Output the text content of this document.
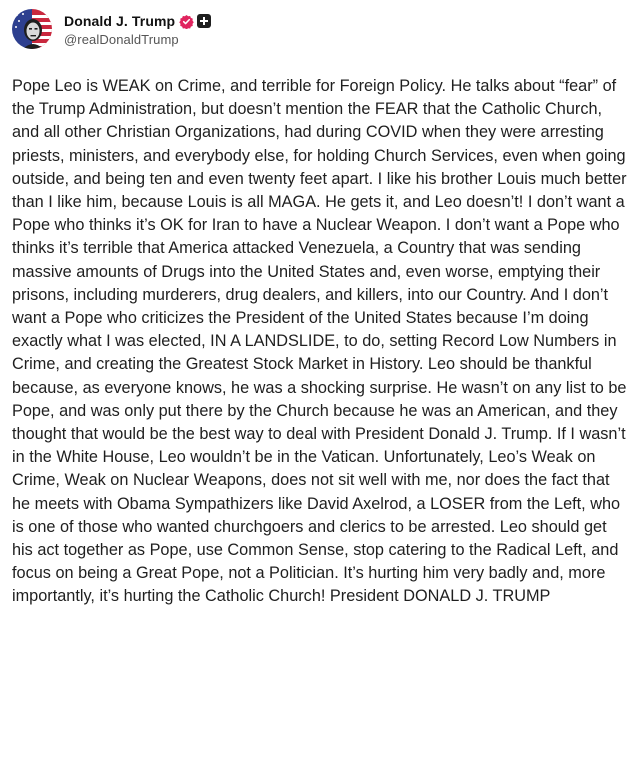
Donald J. Trump
@realDonaldTrump

Pope Leo is WEAK on Crime, and terrible for Foreign Policy. He talks about “fear” of the Trump Administration, but doesn’t mention the FEAR that the Catholic Church, and all other Christian Organizations, had during COVID when they were arresting priests, ministers, and everybody else, for holding Church Services, even when going outside, and being ten and even twenty feet apart. I like his brother Louis much better than I like him, because Louis is all MAGA. He gets it, and Leo doesn’t! I don’t want a Pope who thinks it’s OK for Iran to have a Nuclear Weapon. I don’t want a Pope who thinks it’s terrible that America attacked Venezuela, a Country that was sending massive amounts of Drugs into the United States and, even worse, emptying their prisons, including murderers, drug dealers, and killers, into our Country. And I don’t want a Pope who criticizes the President of the United States because I’m doing exactly what I was elected, IN A LANDSLIDE, to do, setting Record Low Numbers in Crime, and creating the Greatest Stock Market in History. Leo should be thankful because, as everyone knows, he was a shocking surprise. He wasn’t on any list to be Pope, and was only put there by the Church because he was an American, and they thought that would be the best way to deal with President Donald J. Trump. If I wasn’t in the White House, Leo wouldn’t be in the Vatican. Unfortunately, Leo’s Weak on Crime, Weak on Nuclear Weapons, does not sit well with me, nor does the fact that he meets with Obama Sympathizers like David Axelrod, a LOSER from the Left, who is one of those who wanted churchgoers and clerics to be arrested. Leo should get his act together as Pope, use Common Sense, stop catering to the Radical Left, and focus on being a Great Pope, not a Politician. It’s hurting him very badly and, more importantly, it’s hurting the Catholic Church! President DONALD J. TRUMP
